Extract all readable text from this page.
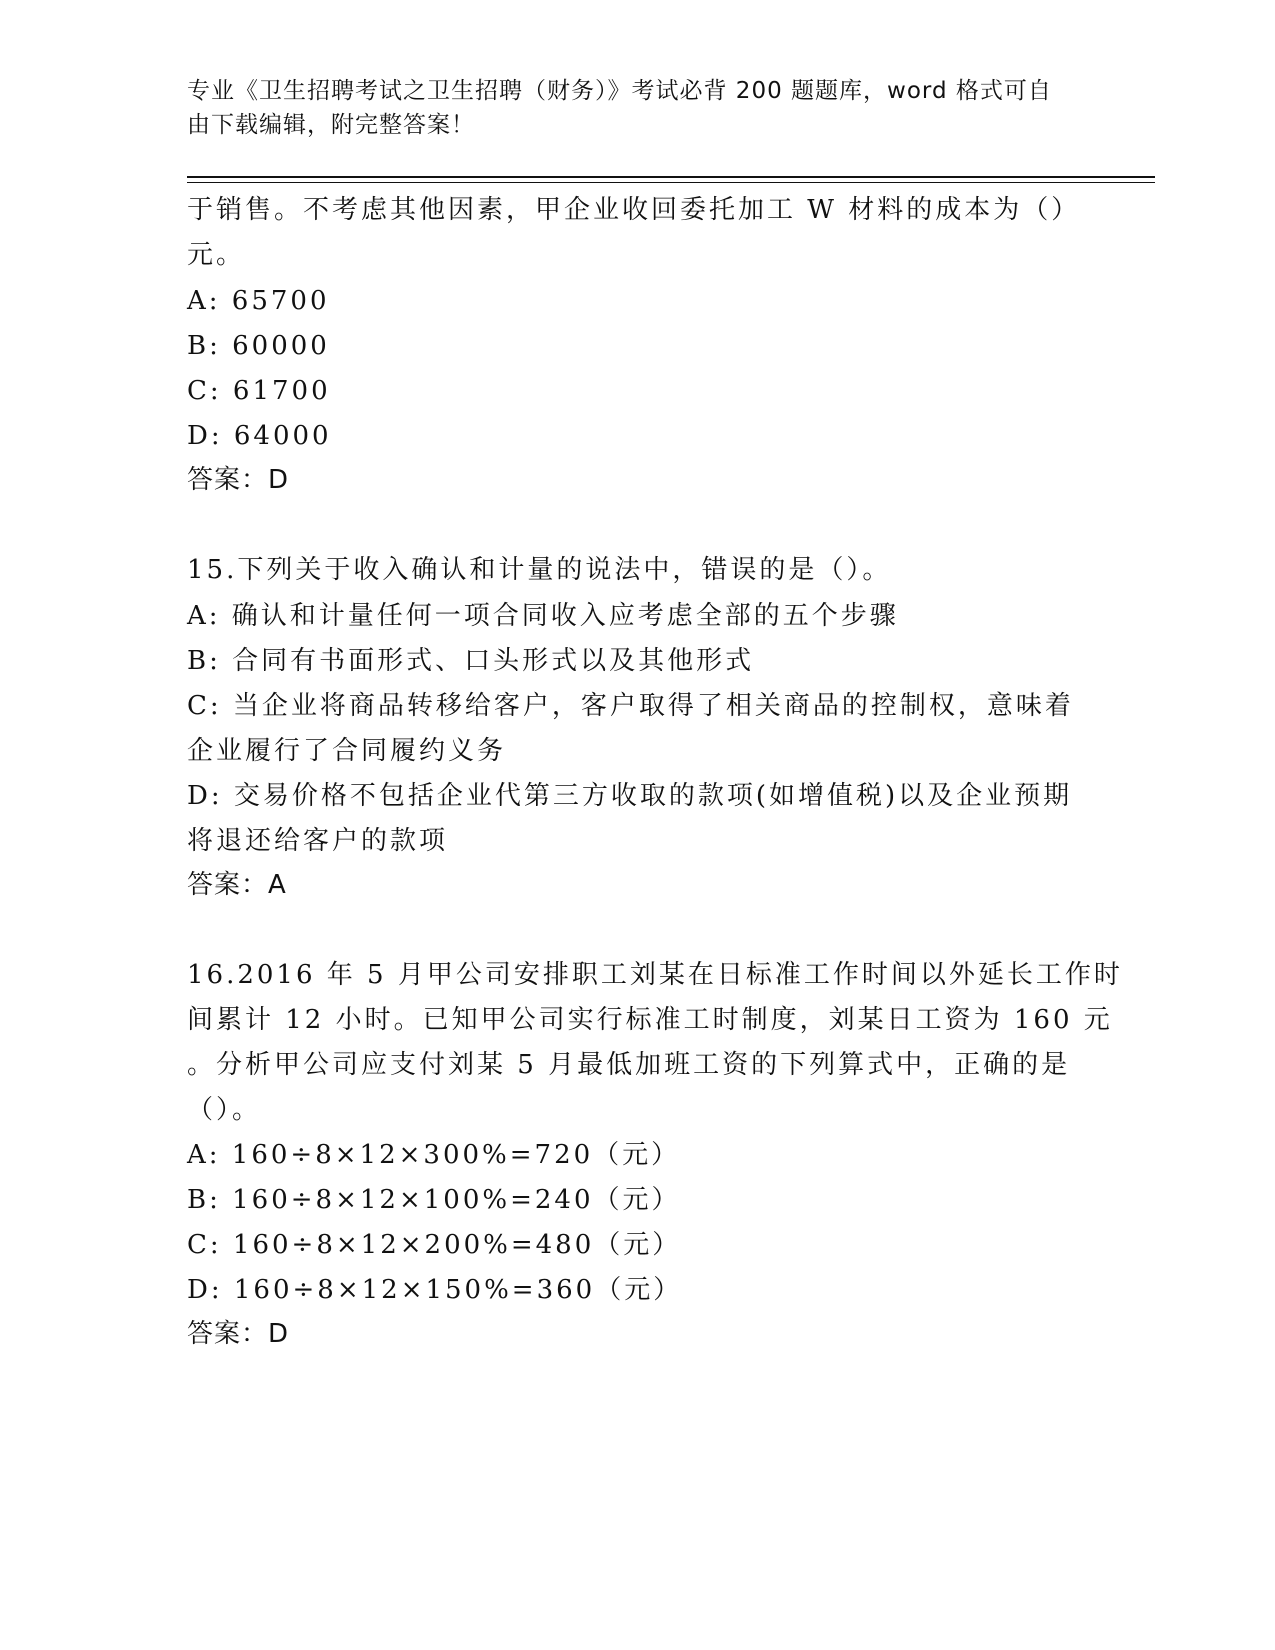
专业《卫生招聘考试之卫生招聘（财务）》考试必背 200 题题库，word 格式可自
由下载编辑，附完整答案！
于销售。不考虑其他因素，甲企业收回委托加工 W 材料的成本为（）
元。
A: 65700
B: 60000
C: 61700
D: 64000
答案：D
15.下列关于收入确认和计量的说法中，错误的是（）。
A: 确认和计量任何一项合同收入应考虑全部的五个步骤
B: 合同有书面形式、口头形式以及其他形式
C: 当企业将商品转移给客户，客户取得了相关商品的控制权，意味着
企业履行了合同履约义务
D: 交易价格不包括企业代第三方收取的款项(如增值税)以及企业预期
将退还给客户的款项
答案：A
16.2016 年 5 月甲公司安排职工刘某在日标准工作时间以外延长工作时
间累计 12 小时。已知甲公司实行标准工时制度，刘某日工资为 160 元
。分析甲公司应支付刘某 5 月最低加班工资的下列算式中，正确的是
（）。
A: 160÷8×12×300%=720（元）
B: 160÷8×12×100%=240（元）
C: 160÷8×12×200%=480（元）
D: 160÷8×12×150%=360（元）
答案：D
